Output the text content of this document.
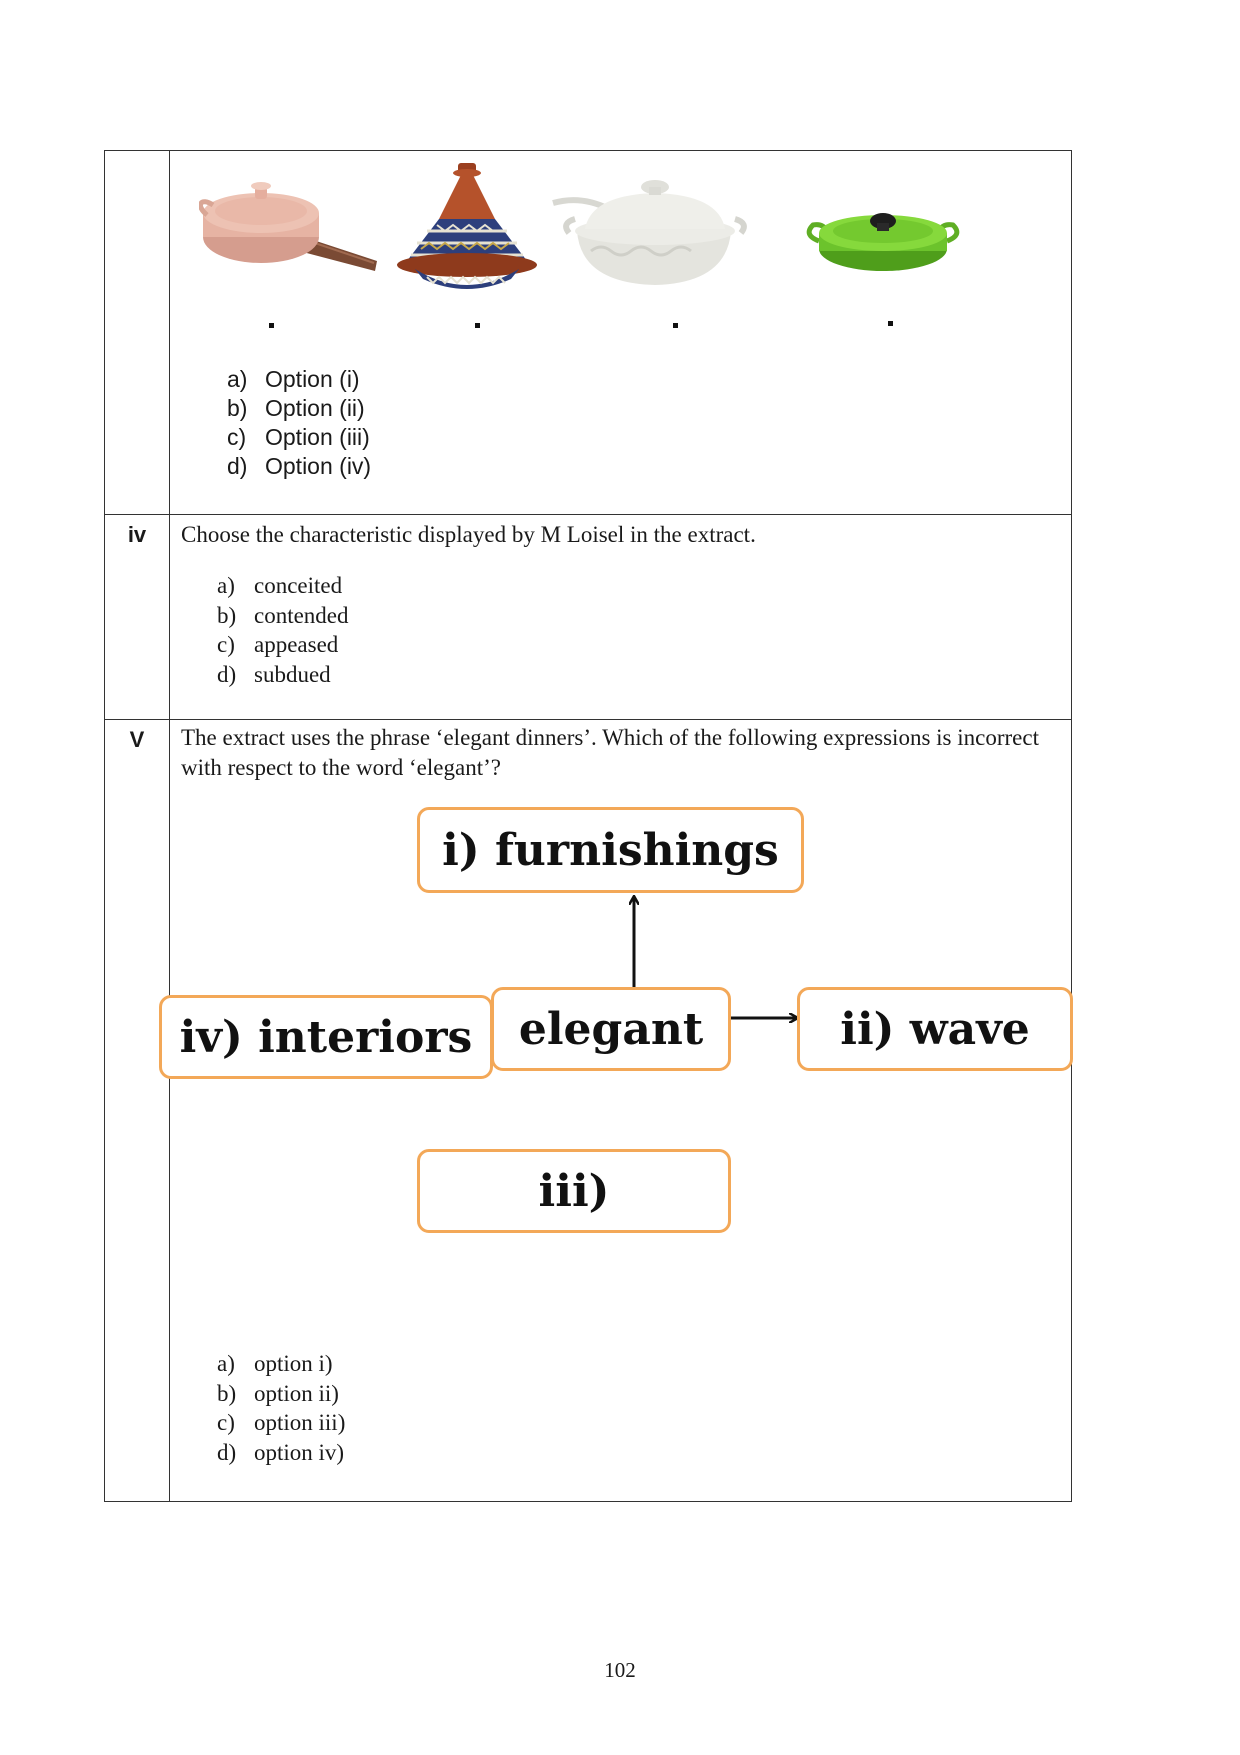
a) Option (i)
b) Option (ii)
c) Option (iii)
d) Option (iv)
iv	Choose the characteristic displayed by M Loisel in the extract.

a) conceited
b) contended
c) appeased
d) subdued
V	The extract uses the phrase ‘elegant dinners’. Which of the following expressions is incorrect with respect to the word ‘elegant’?

i) furnishings
elegant	ii) wave
iv) interiors
iii)
a) option i)
b) option ii)
c) option iii)
d) option iv)
102
